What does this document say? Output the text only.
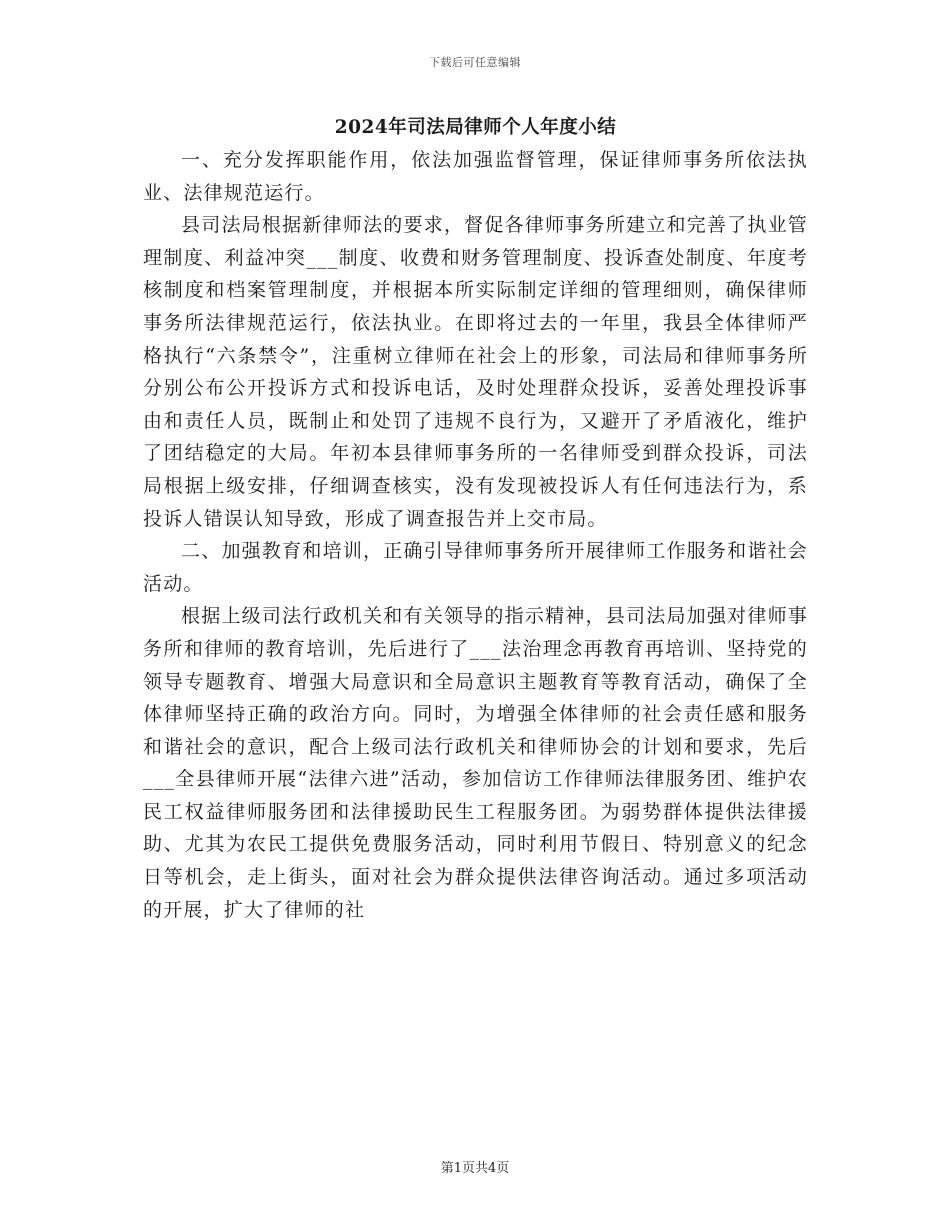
下载后可任意编辑
2024年司法局律师个人年度小结

一、充分发挥职能作用，依法加强监督管理，保证律师事务所依法执业、法律规范运行。

县司法局根据新律师法的要求，督促各律师事务所建立和完善了执业管理制度、利益冲突___制度、收费和财务管理制度、投诉查处制度、年度考核制度和档案管理制度，并根据本所实际制定详细的管理细则，确保律师事务所法律规范运行，依法执业。在即将过去的一年里，我县全体律师严格执行“六条禁令”，注重树立律师在社会上的形象，司法局和律师事务所分别公布公开投诉方式和投诉电话，及时处理群众投诉，妥善处理投诉事由和责任人员，既制止和处罚了违规不良行为，又避开了矛盾液化，维护了团结稳定的大局。年初本县律师事务所的一名律师受到群众投诉，司法局根据上级安排，仔细调查核实，没有发现被投诉人有任何违法行为，系投诉人错误认知导致，形成了调查报告并上交市局。

二、加强教育和培训，正确引导律师事务所开展律师工作服务和谐社会活动。

根据上级司法行政机关和有关领导的指示精神，县司法局加强对律师事务所和律师的教育培训，先后进行了___法治理念再教育再培训、坚持党的领导专题教育、增强大局意识和全局意识主题教育等教育活动，确保了全体律师坚持正确的政治方向。同时，为增强全体律师的社会责任感和服务和谐社会的意识，配合上级司法行政机关和律师协会的计划和要求，先后___全县律师开展“法律六进”活动，参加信访工作律师法律服务团、维护农民工权益律师服务团和法律援助民生工程服务团。为弱势群体提供法律援助、尤其为农民工提供免费服务活动，同时利用节假日、特别意义的纪念日等机会，走上街头，面对社会为群众提供法律咨询活动。通过多项活动的开展，扩大了律师的社

第1页共4页
